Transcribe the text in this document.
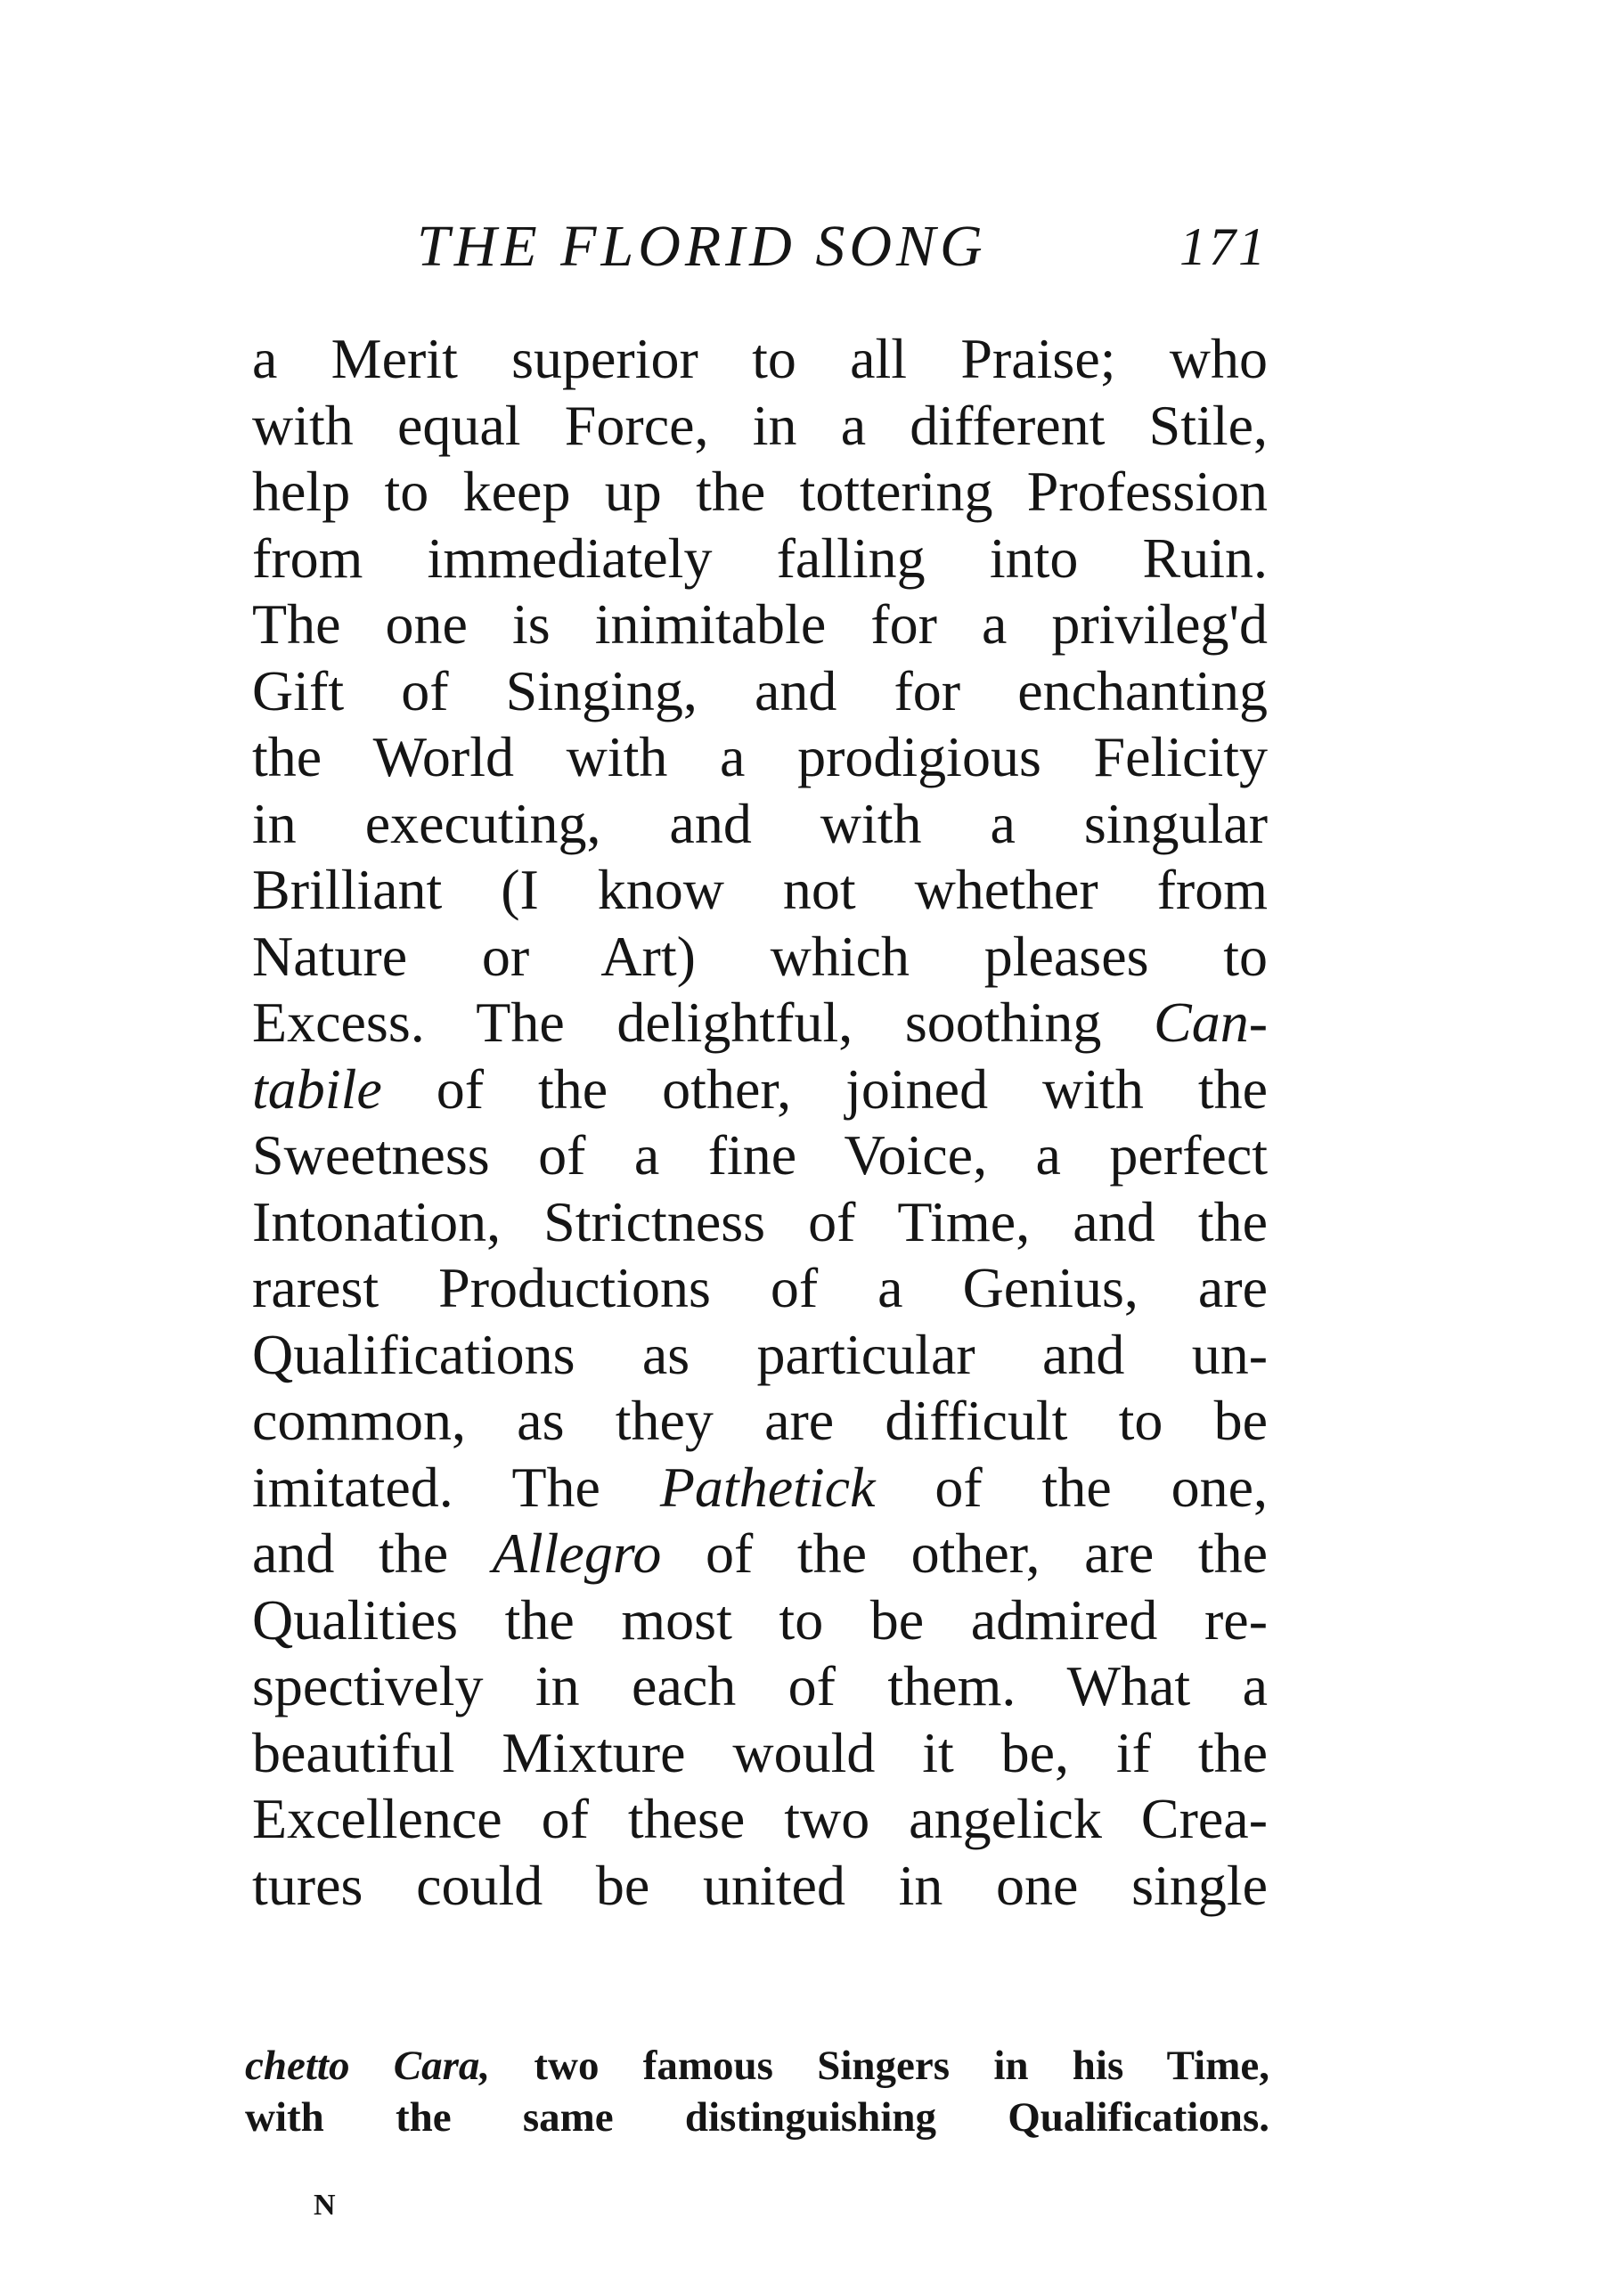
THE FLORID SONG	171
a Merit superior to all Praise; who
with equal Force, in a different Stile,
help to keep up the tottering Profession
from immediately falling into Ruin.
The one is inimitable for a privileg'd
Gift of Singing, and for enchanting
the World with a prodigious Felicity
in executing, and with a singular
Brilliant (I know not whether from
Nature or Art) which pleases to
Excess. The delightful, soothing Can-
tabile of the other, joined with the
Sweetness of a fine Voice, a perfect
Intonation, Strictness of Time, and the
rarest Productions of a Genius, are
Qualifications as particular and un-
common, as they are difficult to be
imitated. The Pathetick of the one,
and the Allegro of the other, are the
Qualities the most to be admired re-
spectively in each of them. What a
beautiful Mixture would it be, if the
Excellence of these two angelick Crea-
tures could be united in one single
chetto Cara, two famous Singers in his Time,
with the same distinguishing Qualifications.
N
